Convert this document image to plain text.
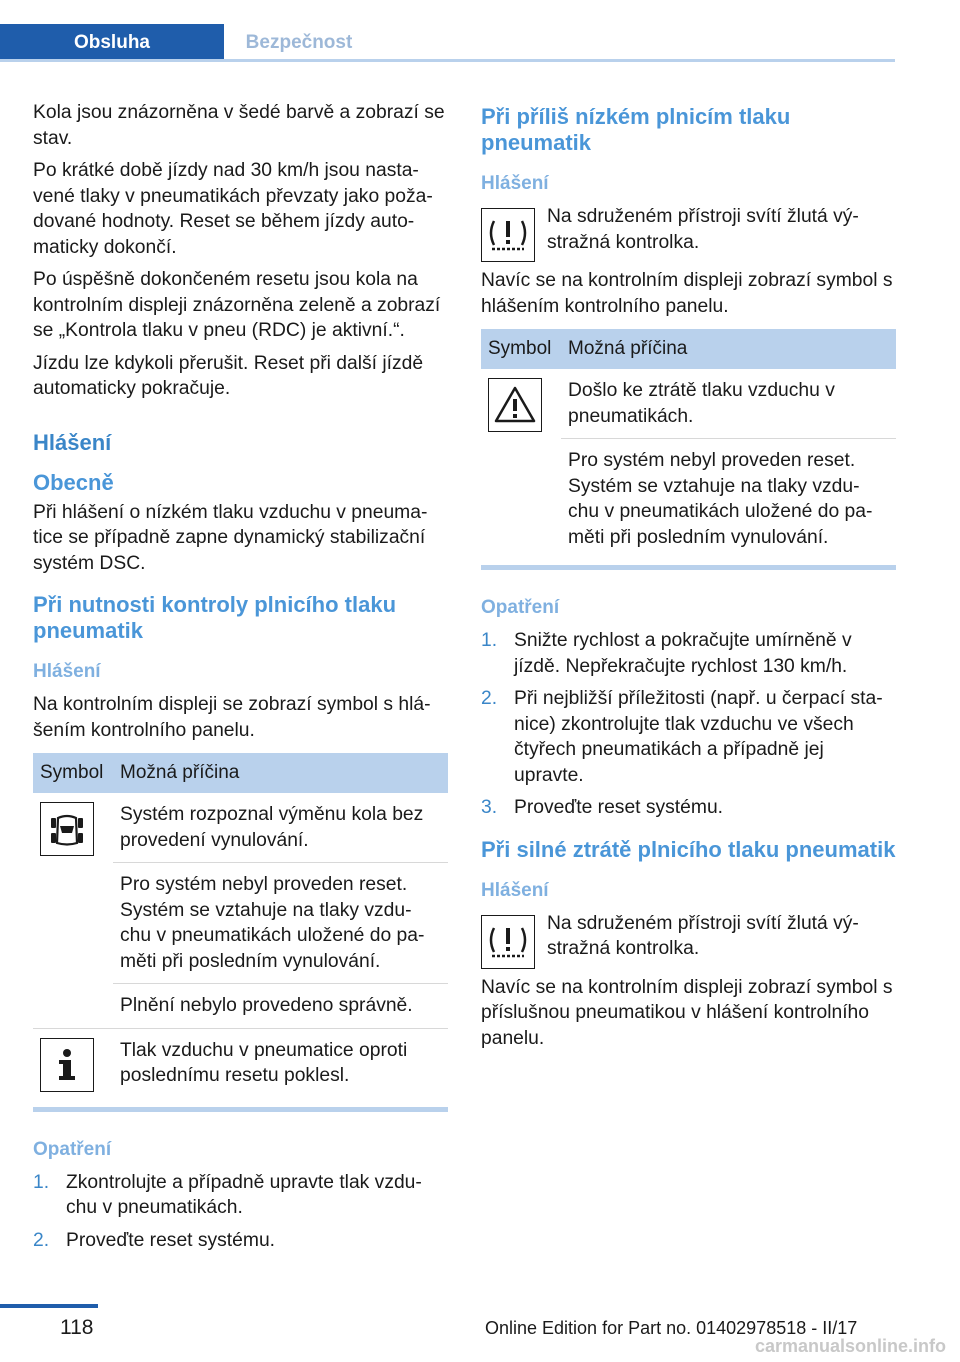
Obsluha	Bezpečnost

Kola jsou znázorněna v šedé barvě a zobrazí se stav.

Po krátké době jízdy nad 30 km/h jsou nasta‐vené tlaky v pneumatikách převzaty jako poža‐dované hodnoty. Reset se během jízdy auto‐maticky dokončí.

Po úspěšně dokončeném resetu jsou kola na kontrolním displeji znázorněna zeleně a zobrazí se „Kontrola tlaku v pneu (RDC) je aktivní.“.

Jízdu lze kdykoli přerušit. Reset při další jízdě automaticky pokračuje.

Hlášení
Obecně

Při hlášení o nízkém tlaku vzduchu v pneuma‐tice se případně zapne dynamický stabilizační systém DSC.

Při nutnosti kontroly plnicího tlaku pneumatik
Hlášení

Na kontrolním displeji se zobrazí symbol s hlá‐šením kontrolního panelu.

Symbol	Možná příčina

	Systém rozpoznal výměnu kola bez provedení vynulování.
	Pro systém nebyl proveden reset. Systém se vztahuje na tlaky vzdu‐chu v pneumatikách uložené do pa‐měti při posledním vynulování.
	Plnění nebylo provedeno správně.

	Tlak vzduchu v pneumatice oproti poslednímu resetu poklesl.
Opatření
1. Zkontrolujte a případně upravte tlak vzdu‐chu v pneumatikách.
2. Proveďte reset systému.
Při příliš nízkém plnicím tlaku pneumatik
Hlášení

Na sdruženém přístroji svítí žlutá vý‐stražná kontrolka.

Navíc se na kontrolním displeji zobrazí symbol s hlášením kontrolního panelu.

Symbol	Možná příčina

	Došlo ke ztrátě tlaku vzduchu v pneumatikách.
	Pro systém nebyl proveden reset. Systém se vztahuje na tlaky vzdu‐chu v pneumatikách uložené do pa‐měti při posledním vynulování.
Opatření
1. Snižte rychlost a pokračujte umírněně v jízdě. Nepřekračujte rychlost 130 km/h.
2. Při nejbližší příležitosti (např. u čerpací sta‐nice) zkontrolujte tlak vzduchu ve všech čtyřech pneumatikách a případně jej upravte.
3. Proveďte reset systému.
Při silné ztrátě plnicího tlaku pneumatik
Hlášení

Na sdruženém přístroji svítí žlutá vý‐stražná kontrolka.

Navíc se na kontrolním displeji zobrazí symbol s příslušnou pneumatikou v hlášení kontrolního panelu.

118	Online Edition for Part no. 01402978518 - II/17
carmanualsonline.info
